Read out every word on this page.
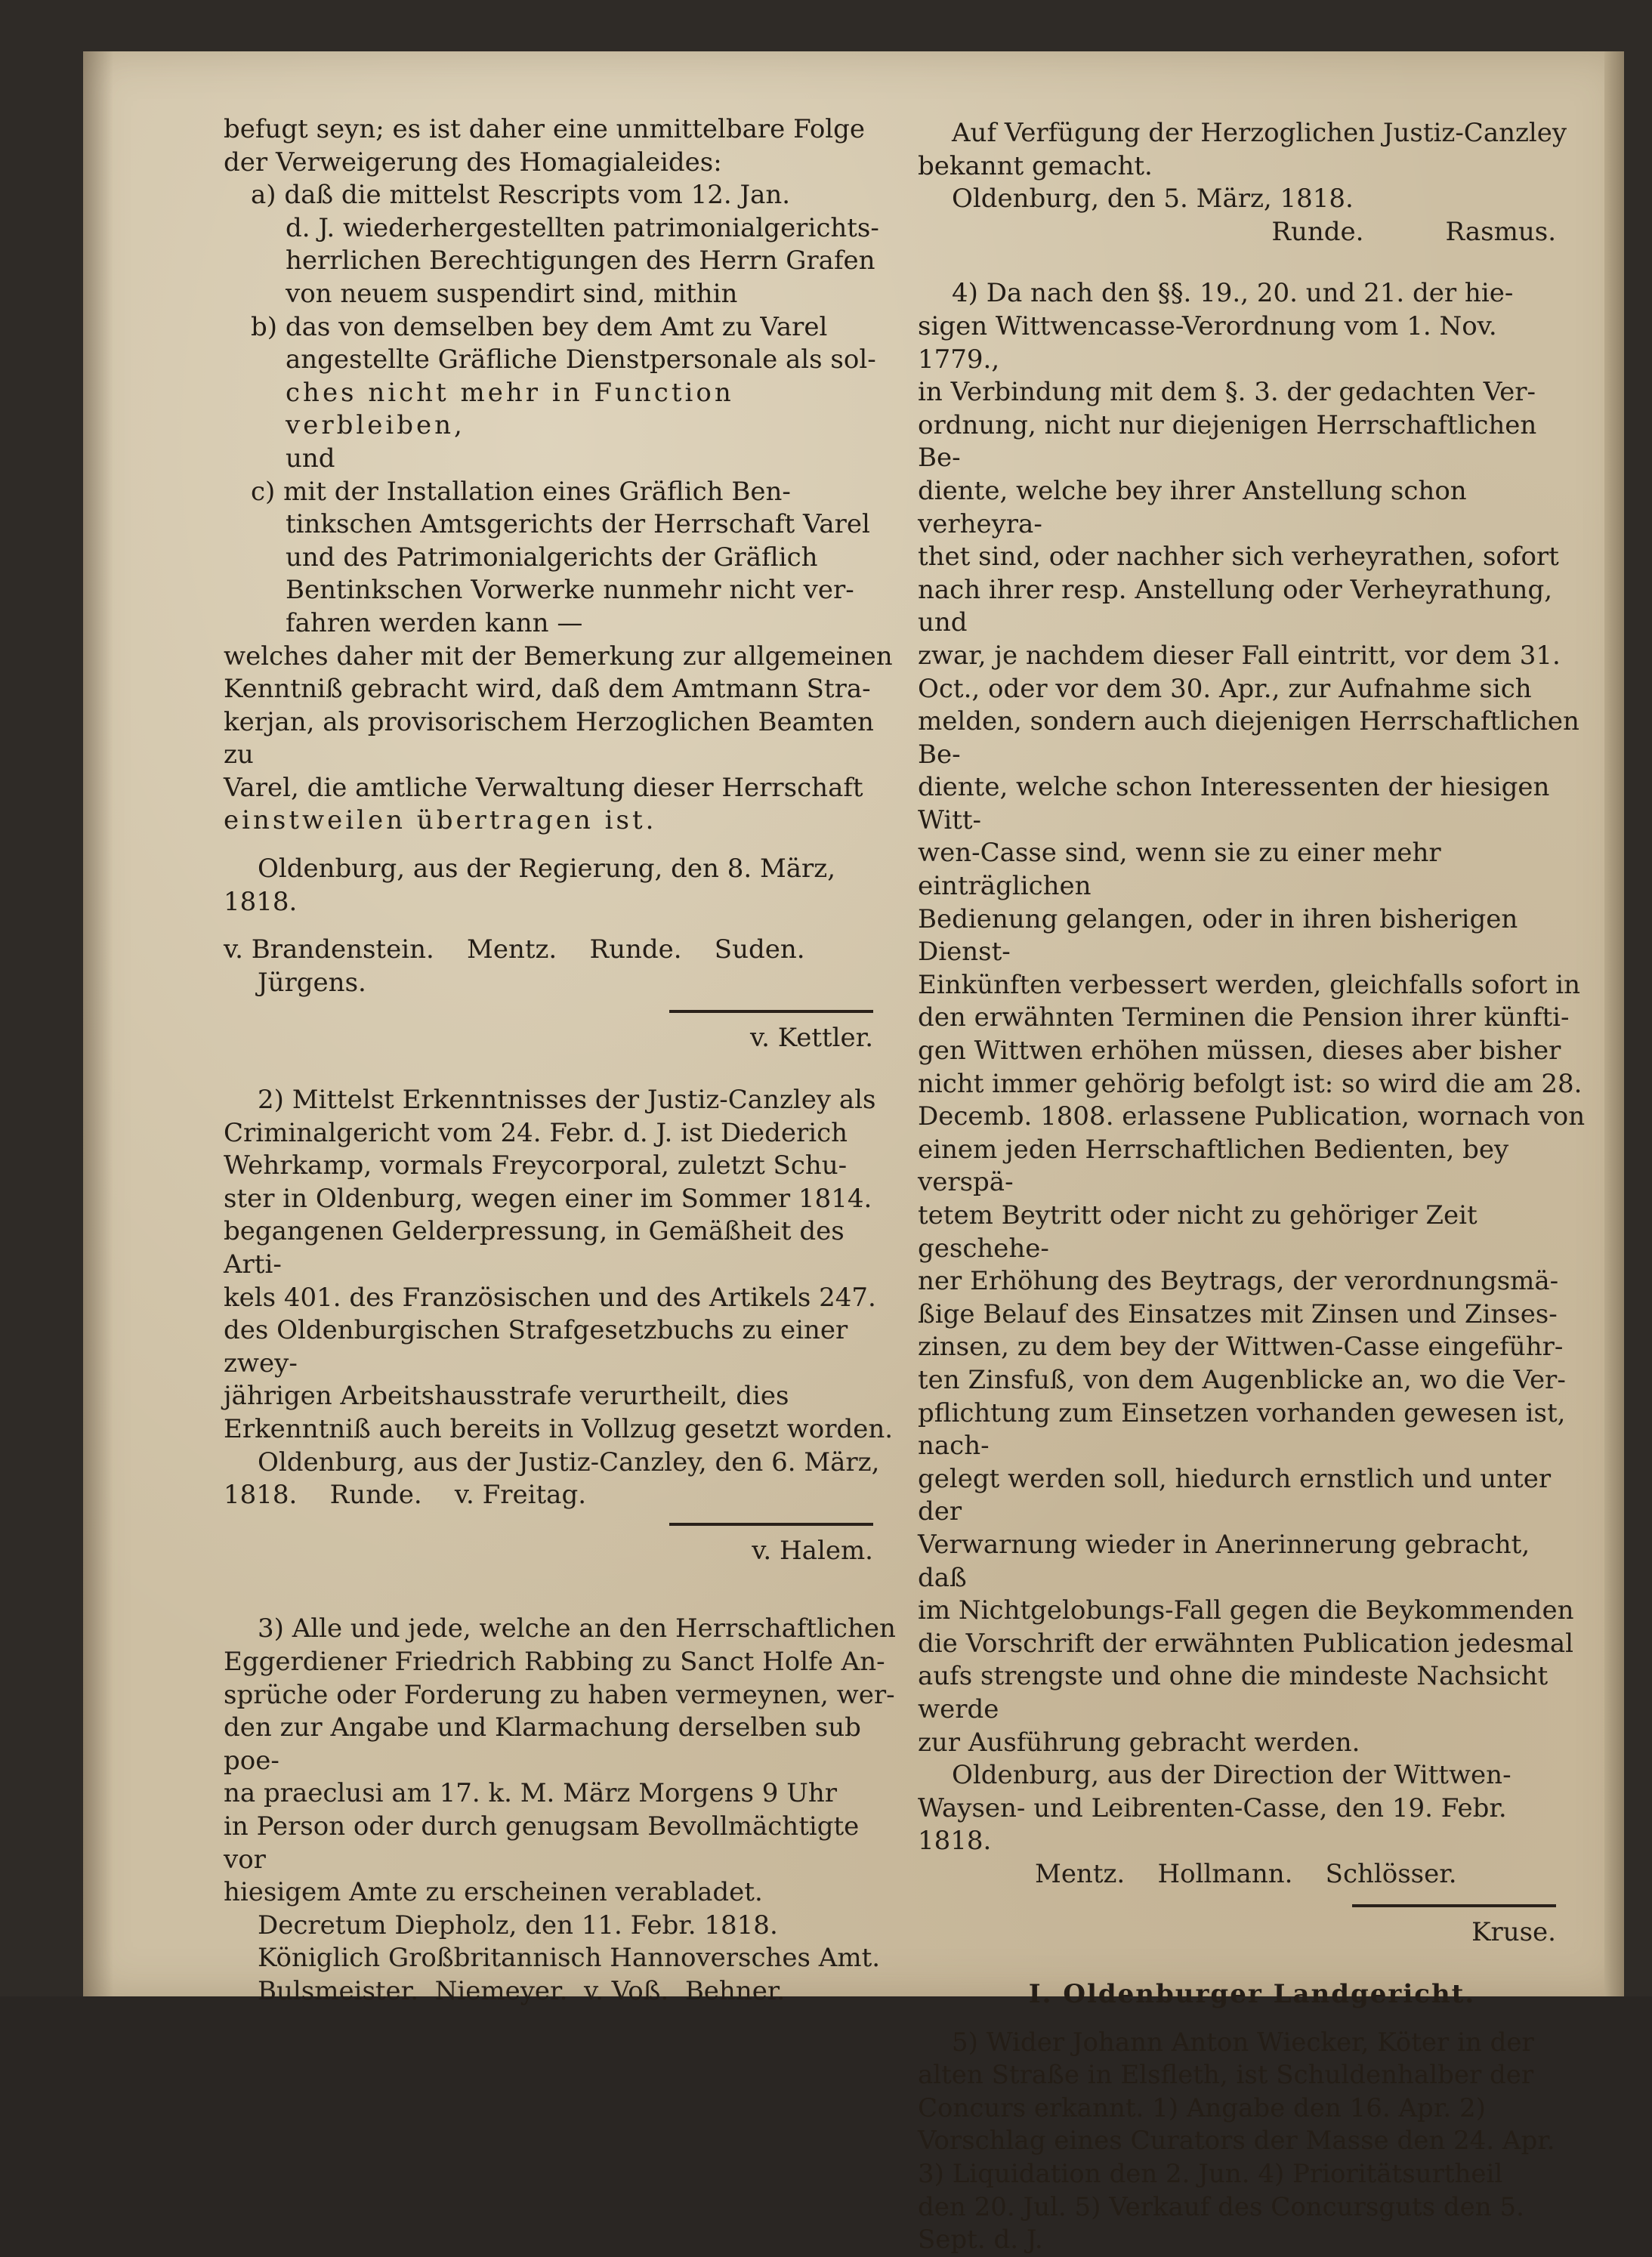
befugt seyn; es ist daher eine unmittelbare Folge

der Verweigerung des Homagialeides:

a) daß die mittelst Rescripts vom 12. Jan.

d. J. wiederhergestellten patrimonialgerichts-

herrlichen Berechtigungen des Herrn Grafen

von neuem suspendirt sind, mithin

b) das von demselben bey dem Amt zu Varel

angestellte Gräfliche Dienstpersonale als sol-

ches nicht mehr in Function verbleiben,

und

c) mit der Installation eines Gräflich Ben-

tinkschen Amtsgerichts der Herrschaft Varel

und des Patrimonialgerichts der Gräflich

Bentinkschen Vorwerke nunmehr nicht ver-

fahren werden kann —

welches daher mit der Bemerkung zur allgemeinen

Kenntniß gebracht wird, daß dem Amtmann Stra-

kerjan, als provisorischem Herzoglichen Beamten zu

Varel, die amtliche Verwaltung dieser Herrschaft

einstweilen übertragen ist.

Oldenburg, aus der Regierung, den 8. März,

1818.

v. Brandenstein.    Mentz.    Runde.    Suden.

Jürgens.

v. Kettler.

2) Mittelst Erkenntnisses der Justiz-Canzley als

Criminalgericht vom 24. Febr. d. J. ist Diederich

Wehrkamp, vormals Freycorporal, zuletzt Schu-

ster in Oldenburg, wegen einer im Sommer 1814.

begangenen Gelderpressung, in Gemäßheit des Arti-

kels 401. des Französischen und des Artikels 247.

des Oldenburgischen Strafgesetzbuchs zu einer zwey-

jährigen Arbeitshausstrafe verurtheilt, dies

Erkenntniß auch bereits in Vollzug gesetzt worden.

Oldenburg, aus der Justiz-Canzley, den 6. März,

1818.    Runde.    v. Freitag.

v. Halem.

3) Alle und jede, welche an den Herrschaftlichen

Eggerdiener Friedrich Rabbing zu Sanct Holfe An-

sprüche oder Forderung zu haben vermeynen, wer-

den zur Angabe und Klarmachung derselben sub poe-

na praeclusi am 17. k. M. März Morgens 9 Uhr

in Person oder durch genugsam Bevollmächtigte vor

hiesigem Amte zu erscheinen verabladet.

Decretum Diepholz, den 11. Febr. 1818.

Königlich Großbritannisch Hannoversches Amt.

Bulsmeister.  Niemeyer.  v. Voß.  Behner.

Auf Verfügung der Herzoglichen Justiz-Canzley

bekannt gemacht.

Oldenburg, den 5. März, 1818.

Runde.          Rasmus.

4) Da nach den §§. 19., 20. und 21. der hie-

sigen Wittwencasse-Verordnung vom 1. Nov. 1779.,

in Verbindung mit dem §. 3. der gedachten Ver-

ordnung, nicht nur diejenigen Herrschaftlichen Be-

diente, welche bey ihrer Anstellung schon verheyra-

thet sind, oder nachher sich verheyrathen, sofort

nach ihrer resp. Anstellung oder Verheyrathung, und

zwar, je nachdem dieser Fall eintritt, vor dem 31.

Oct., oder vor dem 30. Apr., zur Aufnahme sich

melden, sondern auch diejenigen Herrschaftlichen Be-

diente, welche schon Interessenten der hiesigen Witt-

wen-Casse sind, wenn sie zu einer mehr einträglichen

Bedienung gelangen, oder in ihren bisherigen Dienst-

Einkünften verbessert werden, gleichfalls sofort in

den erwähnten Terminen die Pension ihrer künfti-

gen Wittwen erhöhen müssen, dieses aber bisher

nicht immer gehörig befolgt ist: so wird die am 28.

Decemb. 1808. erlassene Publication, wornach von

einem jeden Herrschaftlichen Bedienten, bey verspä-

tetem Beytritt oder nicht zu gehöriger Zeit geschehe-

ner Erhöhung des Beytrags, der verordnungsmä-

ßige Belauf des Einsatzes mit Zinsen und Zinses-

zinsen, zu dem bey der Wittwen-Casse eingeführ-

ten Zinsfuß, von dem Augenblicke an, wo die Ver-

pflichtung zum Einsetzen vorhanden gewesen ist, nach-

gelegt werden soll, hiedurch ernstlich und unter der

Verwarnung wieder in Anerinnerung gebracht, daß

im Nichtgelobungs-Fall gegen die Beykommenden

die Vorschrift der erwähnten Publication jedesmal

aufs strengste und ohne die mindeste Nachsicht werde

zur Ausführung gebracht werden.

Oldenburg, aus der Direction der Wittwen-

Waysen- und Leibrenten-Casse, den 19. Febr. 1818.

Mentz.    Hollmann.    Schlösser.

Kruse.

I. Oldenburger Landgericht.

5) Wider Johann Anton Wiecker, Köter in der

alten Straße in Elsfleth, ist Schuldenhalber der

Concurs erkannt. 1) Angabe den 16. Apr. 2)

Vorschlag eines Curators der Masse den 24. Apr.

3) Liquidation den 2. Jun. 4) Prioritätsurtheil

den 20. Jul. 5) Verkauf des Concursguts den 5.

Sept. d. J.
